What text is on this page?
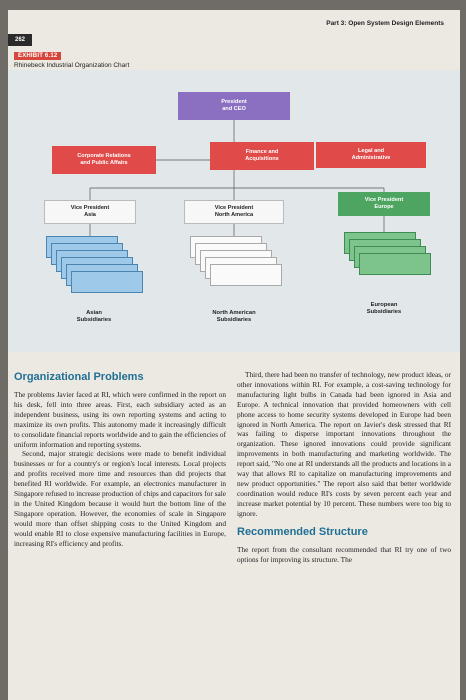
Part 3: Open System Design Elements
262
EXHIBIT 6.12
Rhinebeck Industrial Organization Chart
President
and CEO
Corporate Relations
and Public Affairs
Finance and
Acquisitions
Legal and
Administrative
Vice President
Asia
Vice President
North America
Vice President
Europe
Asian
Subsidiaries
North American
Subsidiaries
European
Subsidiaries
Organizational Problems

The problems Javier faced at RI, which were confirmed in the report on his desk, fell into three areas. First, each subsidiary acted as an independent business, using its own reporting systems and acting to maximize its own profits. This autonomy made it increasingly difficult to consolidate financial reports worldwide and to gain the efficiencies of uniform information and reporting systems.

Second, major strategic decisions were made to benefit individual businesses or for a country's or region's local interests. Local projects and profits received more time and resources than did projects that benefited RI worldwide. For example, an electronics manufacturer in Singapore refused to increase production of chips and capacitors for sale in the United Kingdom because it would hurt the bottom line of the Singapore operation. However, the economies of scale in Singapore would more than offset shipping costs to the United Kingdom and would enable RI to close expensive manufacturing facilities in Europe, increasing RI's efficiency and profits.

Third, there had been no transfer of technology, new product ideas, or other innovations within RI. For example, a cost-saving technology for manufacturing light bulbs in Canada had been ignored in Asia and Europe. A technical innovation that provided homeowners with cell phone access to home security systems developed in Europe had been ignored in North America. The report on Javier's desk stressed that RI was failing to disperse important innovations throughout the organization. These ignored innovations could provide significant improvements in both manufacturing and marketing worldwide. The report said, "No one at RI understands all the products and locations in a way that allows RI to capitalize on manufacturing improvements and new product opportunities." The report also said that better worldwide coordination would reduce RI's costs by seven percent each year and increase market potential by 10 percent. These numbers were too big to ignore.

Recommended Structure

The report from the consultant recommended that RI try one of two options for improving its structure. The
